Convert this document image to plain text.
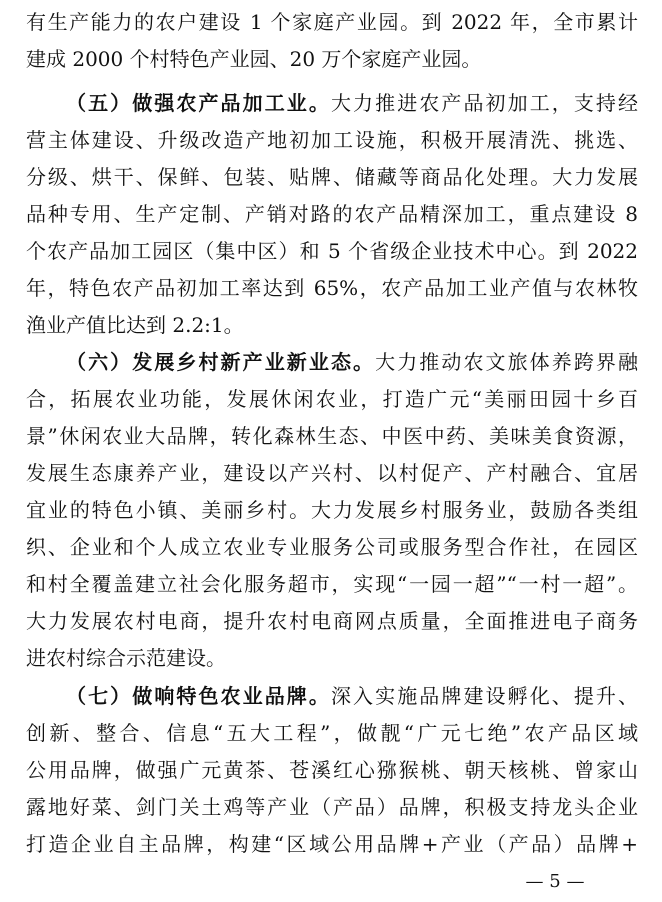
有生产能力的农户建设 1 个家庭产业园。到 2022 年，全市累计
建成 2000 个村特色产业园、20 万个家庭产业园。
（五）做强农产品加工业。大力推进农产品初加工，支持经
营主体建设、升级改造产地初加工设施，积极开展清洗、挑选、
分级、烘干、保鲜、包装、贴牌、储藏等商品化处理。大力发展
品种专用、生产定制、产销对路的农产品精深加工，重点建设 8
个农产品加工园区（集中区）和 5 个省级企业技术中心。到 2022
年，特色农产品初加工率达到 65%，农产品加工业产值与农林牧
渔业产值比达到 2.2:1。
（六）发展乡村新产业新业态。大力推动农文旅体养跨界融
合，拓展农业功能，发展休闲农业，打造广元“美丽田园十乡百
景”休闲农业大品牌，转化森林生态、中医中药、美味美食资源，
发展生态康养产业，建设以产兴村、以村促产、产村融合、宜居
宜业的特色小镇、美丽乡村。大力发展乡村服务业，鼓励各类组
织、企业和个人成立农业专业服务公司或服务型合作社，在园区
和村全覆盖建立社会化服务超市，实现“一园一超”“一村一超”。
大力发展农村电商，提升农村电商网点质量，全面推进电子商务
进农村综合示范建设。
（七）做响特色农业品牌。深入实施品牌建设孵化、提升、
创新、整合、信息“五大工程”，做靓“广元七绝”农产品区域
公用品牌，做强广元黄茶、苍溪红心猕猴桃、朝天核桃、曾家山
露地好菜、剑门关土鸡等产业（产品）品牌，积极支持龙头企业
打造企业自主品牌，构建“区域公用品牌+产业（产品）品牌+
— 5 —
